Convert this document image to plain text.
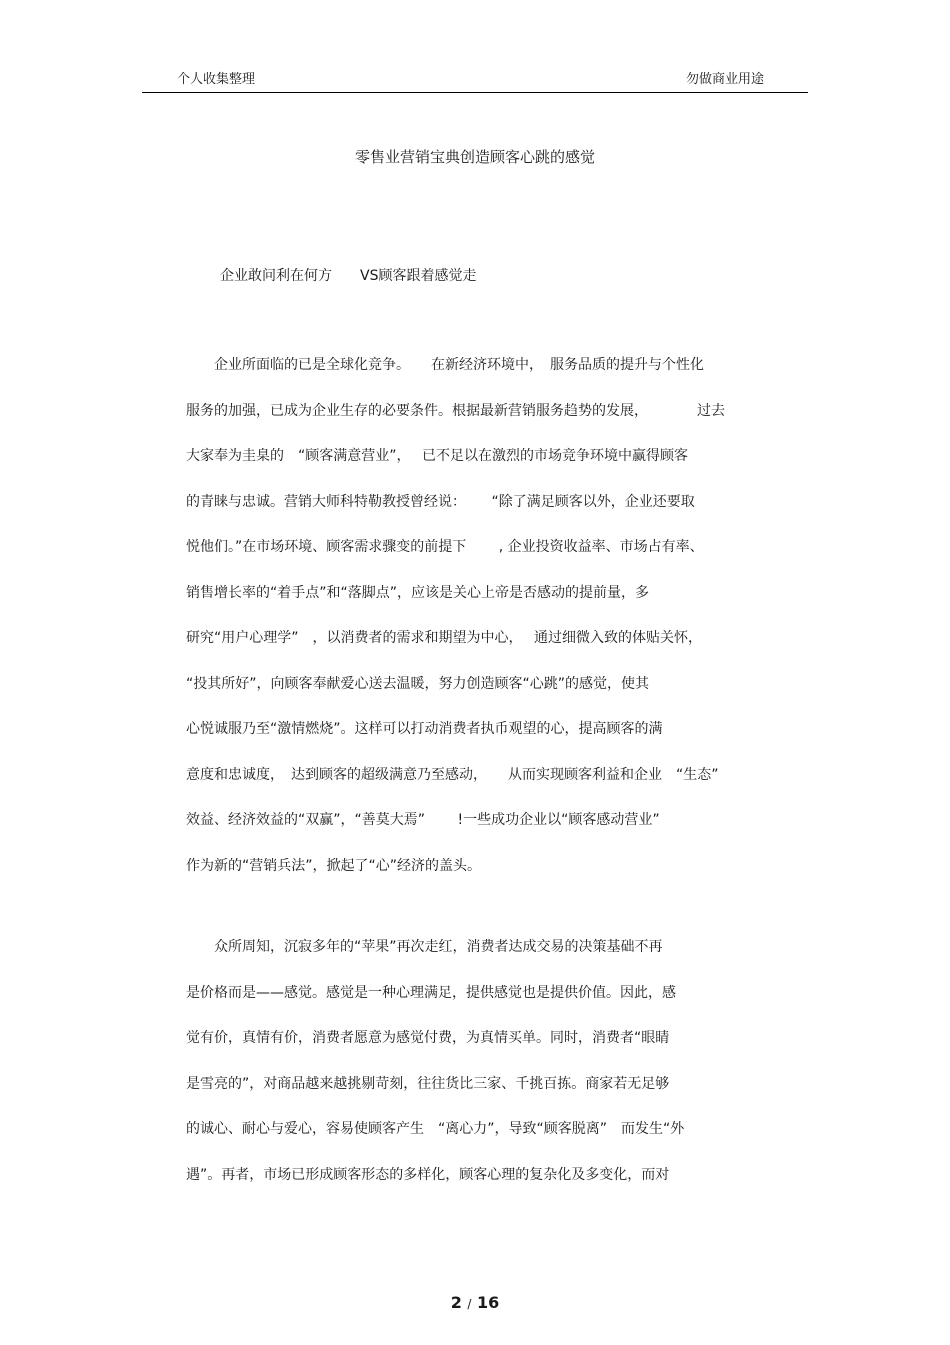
个人收集整理	勿做商业用途
零售业营销宝典创造顾客心跳的感觉
企业敢问利在何方　　VS顾客跟着感觉走
　　企业所面临的已是全球化竞争。　　在新经济环境中，　服务品质的提升与个性化
服务的加强，已成为企业生存的必要条件。根据最新营销服务趋势的发展，　　　　过去
大家奉为圭臬的　“顾客满意营业”，　 已不足以在激烈的市场竞争环境中赢得顾客
的青睐与忠诚。营销大师科特勒教授曾经说：　　 “除了满足顾客以外，企业还要取
悦他们。”在市场环境、顾客需求骤变的前提下　　 , 企业投资收益率、市场占有率、
销售增长率的“着手点”和“落脚点”，应该是关心上帝是否感动的提前量，多
研究“用户心理学”　，以消费者的需求和期望为中心，　 通过细微入致的体贴关怀，
“投其所好”，向顾客奉献爱心送去温暖，努力创造顾客“心跳”的感觉，使其
心悦诚服乃至“激情燃烧”。这样可以打动消费者执币观望的心，提高顾客的满
意度和忠诚度，　达到顾客的超级满意乃至感动，　　从而实现顾客利益和企业　“生态”
效益、经济效益的“双赢”，“善莫大焉”　　 !一些成功企业以“顾客感动营业”
作为新的“营销兵法”，掀起了“心”经济的盖头。
　　众所周知，沉寂多年的“苹果”再次走红，消费者达成交易的决策基础不再
是价格而是——感觉。感觉是一种心理满足，提供感觉也是提供价值。因此，感
觉有价，真情有价，消费者愿意为感觉付费，为真情买单。同时，消费者“眼睛
是雪亮的”，对商品越来越挑剔苛刻，往往货比三家、千挑百拣。商家若无足够
的诚心、耐心与爱心，容易使顾客产生　“离心力”，导致“顾客脱离”　而发生“外
遇”。再者，市场已形成顾客形态的多样化，顾客心理的复杂化及多变化，而对
2 / 16
